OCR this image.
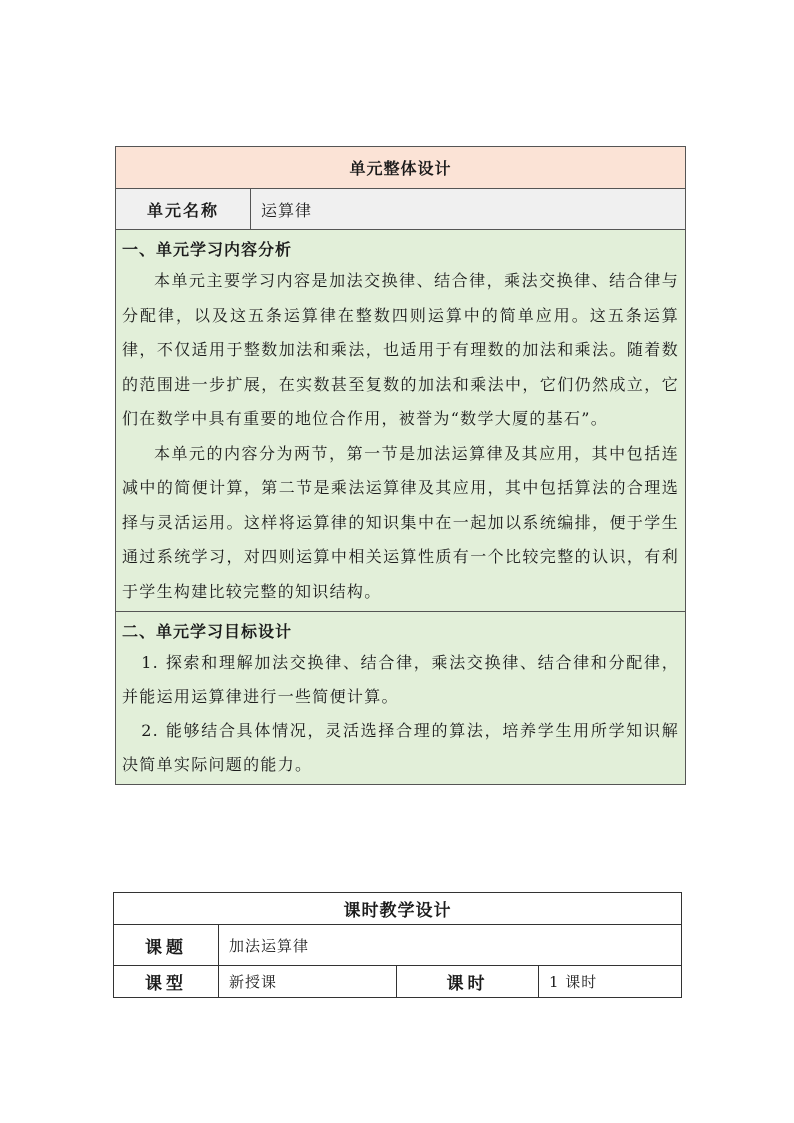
单元整体设计
单元名称	运算律

一、单元学习内容分析
本单元主要学习内容是加法交换律、结合律，乘法交换律、结合律与分配律，以及这五条运算律在整数四则运算中的简单应用。这五条运算律，不仅适用于整数加法和乘法，也适用于有理数的加法和乘法。随着数的范围进一步扩展，在实数甚至复数的加法和乘法中，它们仍然成立，它们在数学中具有重要的地位合作用，被誉为“数学大厦的基石”。
本单元的内容分为两节，第一节是加法运算律及其应用，其中包括连减中的简便计算，第二节是乘法运算律及其应用，其中包括算法的合理选择与灵活运用。这样将运算律的知识集中在一起加以系统编排，便于学生通过系统学习，对四则运算中相关运算性质有一个比较完整的认识，有利于学生构建比较完整的知识结构。

二、单元学习目标设计
1. 探索和理解加法交换律、结合律，乘法交换律、结合律和分配律，并能运用运算律进行一些简便计算。
2. 能够结合具体情况，灵活选择合理的算法，培养学生用所学知识解决简单实际问题的能力。
课时教学设计			
课题	加法运算律		
课型	新授课	课时	1 课时
